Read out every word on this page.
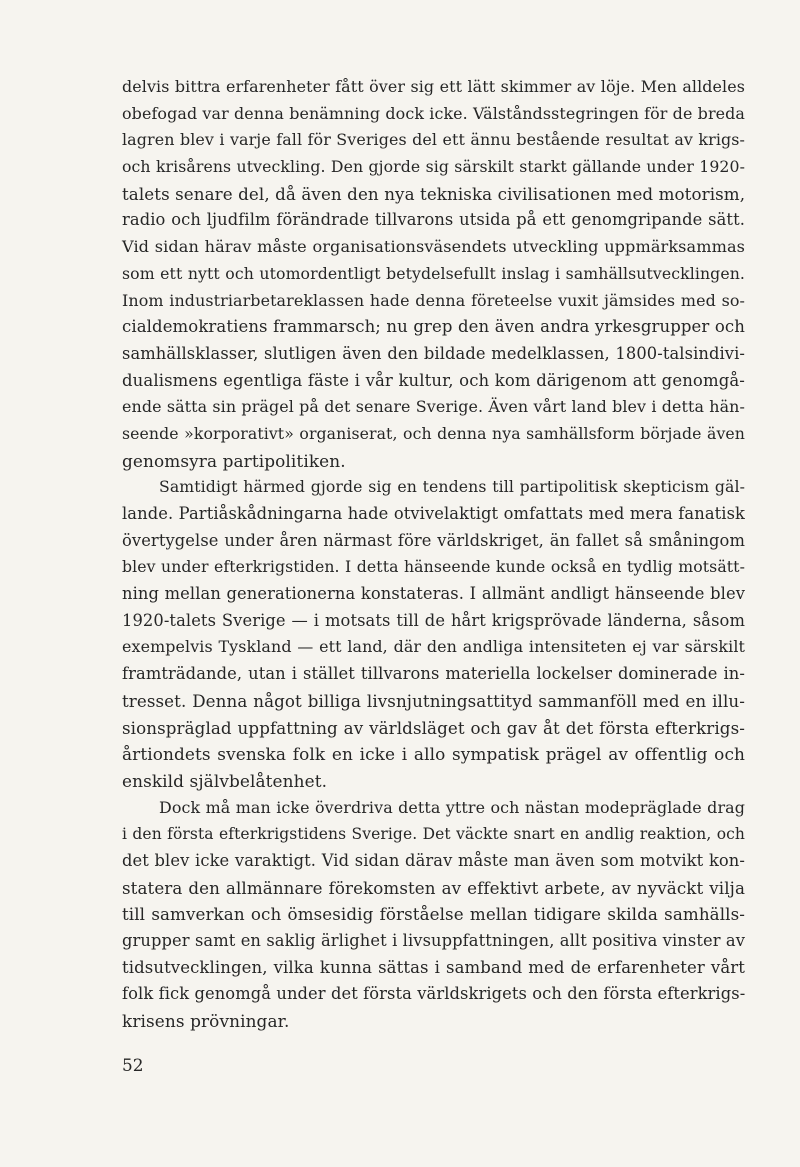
delvis bittra erfarenheter fått över sig ett lätt skimmer av löje. Men alldeles
obefogad var denna benämning dock icke. Välståndsstegringen för de breda
lagren blev i varje fall för Sveriges del ett ännu bestående resultat av krigs-
och krisårens utveckling. Den gjorde sig särskilt starkt gällande under 1920-
talets senare del, då även den nya tekniska civilisationen med motorism,
radio och ljudfilm förändrade tillvarons utsida på ett genomgripande sätt.
Vid sidan härav måste organisationsväsendets utveckling uppmärksammas
som ett nytt och utomordentligt betydelsefullt inslag i samhällsutvecklingen.
Inom industriarbetareklassen hade denna företeelse vuxit jämsides med so-
cialdemokratiens frammarsch; nu grep den även andra yrkesgrupper och
samhällsklasser, slutligen även den bildade medelklassen, 1800-talsindivi-
dualismens egentliga fäste i vår kultur, och kom därigenom att genomgå-
ende sätta sin prägel på det senare Sverige. Även vårt land blev i detta hän-
seende »korporativt» organiserat, och denna nya samhällsform började även
genomsyra partipolitiken.
Samtidigt härmed gjorde sig en tendens till partipolitisk skepticism gäl-
lande. Partiåskådningarna hade otvivelaktigt omfattats med mera fanatisk
övertygelse under åren närmast före världskriget, än fallet så småningom
blev under efterkrigstiden. I detta hänseende kunde också en tydlig motsätt-
ning mellan generationerna konstateras. I allmänt andligt hänseende blev
1920-talets Sverige — i motsats till de hårt krigsprövade länderna, såsom
exempelvis Tyskland — ett land, där den andliga intensiteten ej var särskilt
framträdande, utan i stället tillvarons materiella lockelser dominerade in-
tresset. Denna något billiga livsnjutningsattityd sammanföll med en illu-
sionspräglad uppfattning av världsläget och gav åt det första efterkrigs-
årtiondets svenska folk en icke i allo sympatisk prägel av offentlig och
enskild självbelåtenhet.
Dock må man icke överdriva detta yttre och nästan modepräglade drag
i den första efterkrigstidens Sverige. Det väckte snart en andlig reaktion, och
det blev icke varaktigt. Vid sidan därav måste man även som motvikt kon-
statera den allmännare förekomsten av effektivt arbete, av nyväckt vilja
till samverkan och ömsesidig förståelse mellan tidigare skilda samhälls-
grupper samt en saklig ärlighet i livsuppfattningen, allt positiva vinster av
tidsutvecklingen, vilka kunna sättas i samband med de erfarenheter vårt
folk fick genomgå under det första världskrigets och den första efterkrigs-
krisens prövningar.
52
